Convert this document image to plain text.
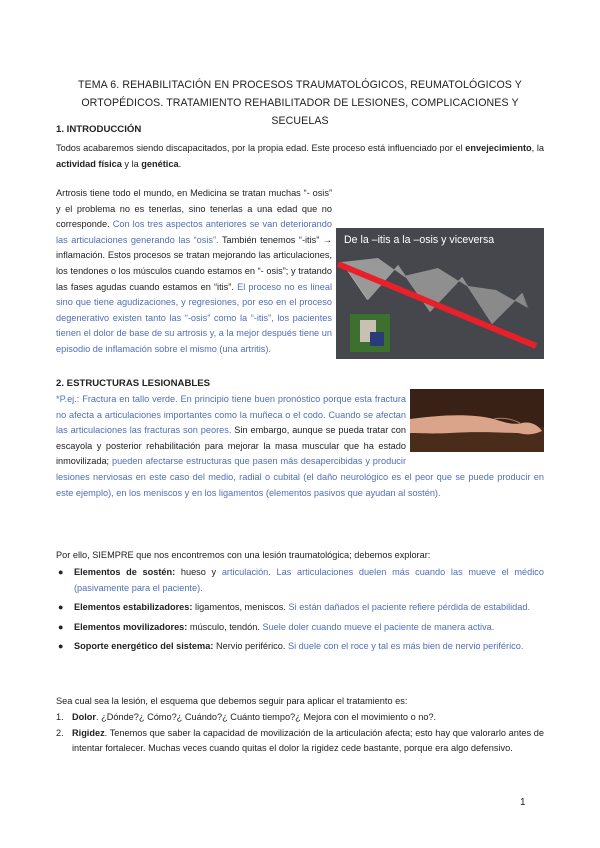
TEMA 6. REHABILITACIÓN EN PROCESOS TRAUMATOLÓGICOS, REUMATOLÓGICOS Y ORTOPÉDICOS. TRATAMIENTO REHABILITADOR DE LESIONES, COMPLICACIONES Y SECUELAS
1. INTRODUCCIÓN
Todos acabaremos siendo discapacitados, por la propia edad. Este proceso está influenciado por el envejecimiento, la actividad física y la genética.
Artrosis tiene todo el mundo, en Medicina se tratan muchas “- osis” y el problema no es tenerlas, sino tenerlas a una edad que no corresponde. Con los tres aspectos anteriores se van deteriorando las articulaciones generando las “osis”. También tenemos “-itis” → inflamación. Estos procesos se tratan mejorando las articulaciones, los tendones o los músculos cuando estamos en “- osis”; y tratando las fases agudas cuando estamos en “itis”. El proceso no es lineal sino que tiene agudizaciones, y regresiones, por eso en el proceso degenerativo existen tanto las “-osis” como la “-itis”, los pacientes tienen el dolor de base de su artrosis y, a la mejor después tiene un episodio de inflamación sobre el mismo (una artritis).
De la –itis a la –osis y viceversa
2. ESTRUCTURAS LESIONABLES
*P.ej.: Fractura en tallo verde. En principio tiene buen pronóstico porque esta fractura no afecta a articulaciones importantes como la muñeca o el codo. Cuando se afectan las articulaciones las fracturas son peores. Sin embargo, aunque se pueda tratar con escayola y posterior rehabilitación para mejorar la masa muscular que ha estado inmovilizada; pueden afectarse estructuras que pasen más desapercibidas y producir lesiones nerviosas en este caso del medio, radial o cubital (el daño neurológico es el peor que se puede producir en este ejemplo), en los meniscos y en los ligamentos (elementos pasivos que ayudan al sostén).
Por ello, SIEMPRE que nos encontremos con una lesión traumatológica; debemos explorar:
● Elementos de sostén: hueso y articulación. Las articulaciones duelen más cuando las mueve el médico (pasivamente para el paciente).
● Elementos estabilizadores: ligamentos, meniscos. Si están dañados el paciente refiere pérdida de estabilidad.
● Elementos movilizadores: músculo, tendón. Suele doler cuando mueve el paciente de manera activa.
● Soporte energético del sistema: Nervio periférico. Si duele con el roce y tal es más bien de nervio periférico.
Sea cual sea la lesión, el esquema que debemos seguir para aplicar el tratamiento es:
1. Dolor. ¿Dónde?¿ Cómo?¿ Cuándo?¿ Cuánto tiempo?¿ Mejora con el movimiento o no?.
2. Rigidez. Tenemos que saber la capacidad de movilización de la articulación afecta; esto hay que valorarlo antes de intentar fortalecer. Muchas veces cuando quitas el dolor la rigidez cede bastante, porque era algo defensivo.
1
